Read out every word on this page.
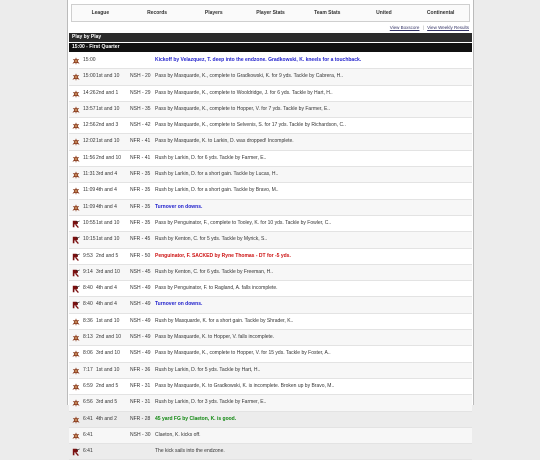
League	Records	Players	Player Stats	Team Stats	United	Continental
View Boxscore | View Weekly Results
Play by Play
15:00 - First Quarter
15:00	Kickoff by Velazquez, T. deep into the endzone. Gradkowski, K. kneels for a touchback.
15:00 1st and 10 NSH - 20 Pass by Masquarde, K., complete to Gradkowski, K. for 9 yds. Tackle by Cabrera, H..
14:26 2nd and 1 NSH - 29 Pass by Masquarde, K., complete to Wooldridge, J. for 6 yds. Tackle by Hart, H..
13:57 1st and 10 NSH - 35 Pass by Masquarde, K., complete to Hopper, V. for 7 yds. Tackle by Farmer, E..
12:56 2nd and 3 NSH - 42 Pass by Masquarde, K., complete to Selvenis, S. for 17 yds. Tackle by Richardson, C..
12:02 1st and 10 NFR - 41 Pass by Masquarde, K. to Larkin, D. was dropped! Incomplete.
11:56 2nd and 10 NFR - 41 Rush by Larkin, D. for 6 yds. Tackle by Farmer, E..
11:31 3rd and 4	NFR - 35 Rush by Larkin, D. for a short gain. Tackle by Lucas, H..
11:09 4th and 4	NFR - 35 Rush by Larkin, D. for a short gain. Tackle by Bravo, M..
11:09 4th and 4	NFR - 35 Turnover on downs.
10:55 1st and 10 NFR - 35 Pass by Penguinator, F., complete to Tooley, K. for 10 yds. Tackle by Fowler, C..
10:15 1st and 10 NFR - 45 Rush by Kenton, C. for 5 yds. Tackle by Myrick, S..
9:53 2nd and 5 NFR - 50 Penguinator, F. SACKED by Ryne Thomas - DT for -5 yds.
9:14 3rd and 10 NSH - 45 Rush by Kenton, C. for 6 yds. Tackle by Freeman, H..
8:40 4th and 4	NSH - 49 Pass by Penguinator, F. to Ragland, A. falls incomplete.
8:40 4th and 4	NSH - 49 Turnover on downs.
8:36 1st and 10 NSH - 49 Rush by Masquarde, K. for a short gain. Tackle by Shrader, K..
8:13 2nd and 10 NSH - 49 Pass by Masquarde, K. to Hopper, V. falls incomplete.
8:06 3rd and 10 NSH - 49 Pass by Masquarde, K., complete to Hopper, V. for 15 yds. Tackle by Foster, A..
7:17 1st and 10 NFR - 36 Rush by Larkin, D. for 5 yds. Tackle by Hart, H..
6:59 2nd and 5 NFR - 31 Pass by Masquarde, K. to Gradkowski, K. is incomplete. Broken up by Bravo, M..
6:56 3rd and 5	NFR - 31 Rush by Larkin, D. for 3 yds. Tackle by Farmer, E..
6:41 4th and 2	NFR - 28 45 yard FG by Claeton, K. is good.
6:41	NSH - 30 Claeton, K. kicks off.
6:41	The kick sails into the endzone.
